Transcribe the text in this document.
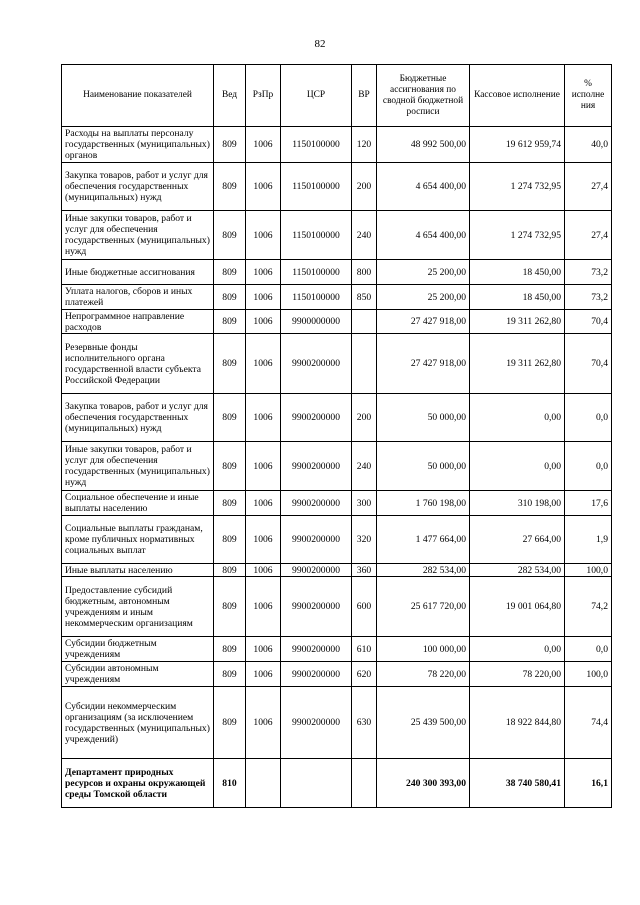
82
Наименование показателей	Вед	РзПр	ЦСР	ВР	Бюджетные ассигнования по сводной бюджетной росписи	Кассовое исполнение	% исполне ния
Расходы на выплаты персоналу государственных (муниципальных) органов	809	1006	1150100000	120	48 992 500,00	19 612 959,74	40,0
Закупка товаров, работ и услуг для обеспечения государственных (муниципальных) нужд	809	1006	1150100000	200	4 654 400,00	1 274 732,95	27,4
Иные закупки товаров, работ и услуг для обеспечения государственных (муниципальных) нужд	809	1006	1150100000	240	4 654 400,00	1 274 732,95	27,4
Иные бюджетные ассигнования	809	1006	1150100000	800	25 200,00	18 450,00	73,2
Уплата налогов, сборов и иных платежей	809	1006	1150100000	850	25 200,00	18 450,00	73,2
Непрограммное направление расходов	809	1006	9900000000		27 427 918,00	19 311 262,80	70,4
Резервные фонды исполнительного органа государственной власти субъекта Российской Федерации	809	1006	9900200000		27 427 918,00	19 311 262,80	70,4
Закупка товаров, работ и услуг для обеспечения государственных (муниципальных) нужд	809	1006	9900200000	200	50 000,00	0,00	0,0
Иные закупки товаров, работ и услуг для обеспечения государственных (муниципальных) нужд	809	1006	9900200000	240	50 000,00	0,00	0,0
Социальное обеспечение и иные выплаты населению	809	1006	9900200000	300	1 760 198,00	310 198,00	17,6
Социальные выплаты гражданам, кроме публичных нормативных социальных выплат	809	1006	9900200000	320	1 477 664,00	27 664,00	1,9
Иные выплаты населению	809	1006	9900200000	360	282 534,00	282 534,00	100,0
Предоставление субсидий бюджетным, автономным учреждениям и иным некоммерческим организациям	809	1006	9900200000	600	25 617 720,00	19 001 064,80	74,2
Субсидии бюджетным учреждениям	809	1006	9900200000	610	100 000,00	0,00	0,0
Субсидии автономным учреждениям	809	1006	9900200000	620	78 220,00	78 220,00	100,0
Субсидии некоммерческим организациям (за исключением государственных (муниципальных) учреждений)	809	1006	9900200000	630	25 439 500,00	18 922 844,80	74,4
Департамент природных ресурсов и охраны окружающей среды Томской области	810				240 300 393,00	38 740 580,41	16,1
